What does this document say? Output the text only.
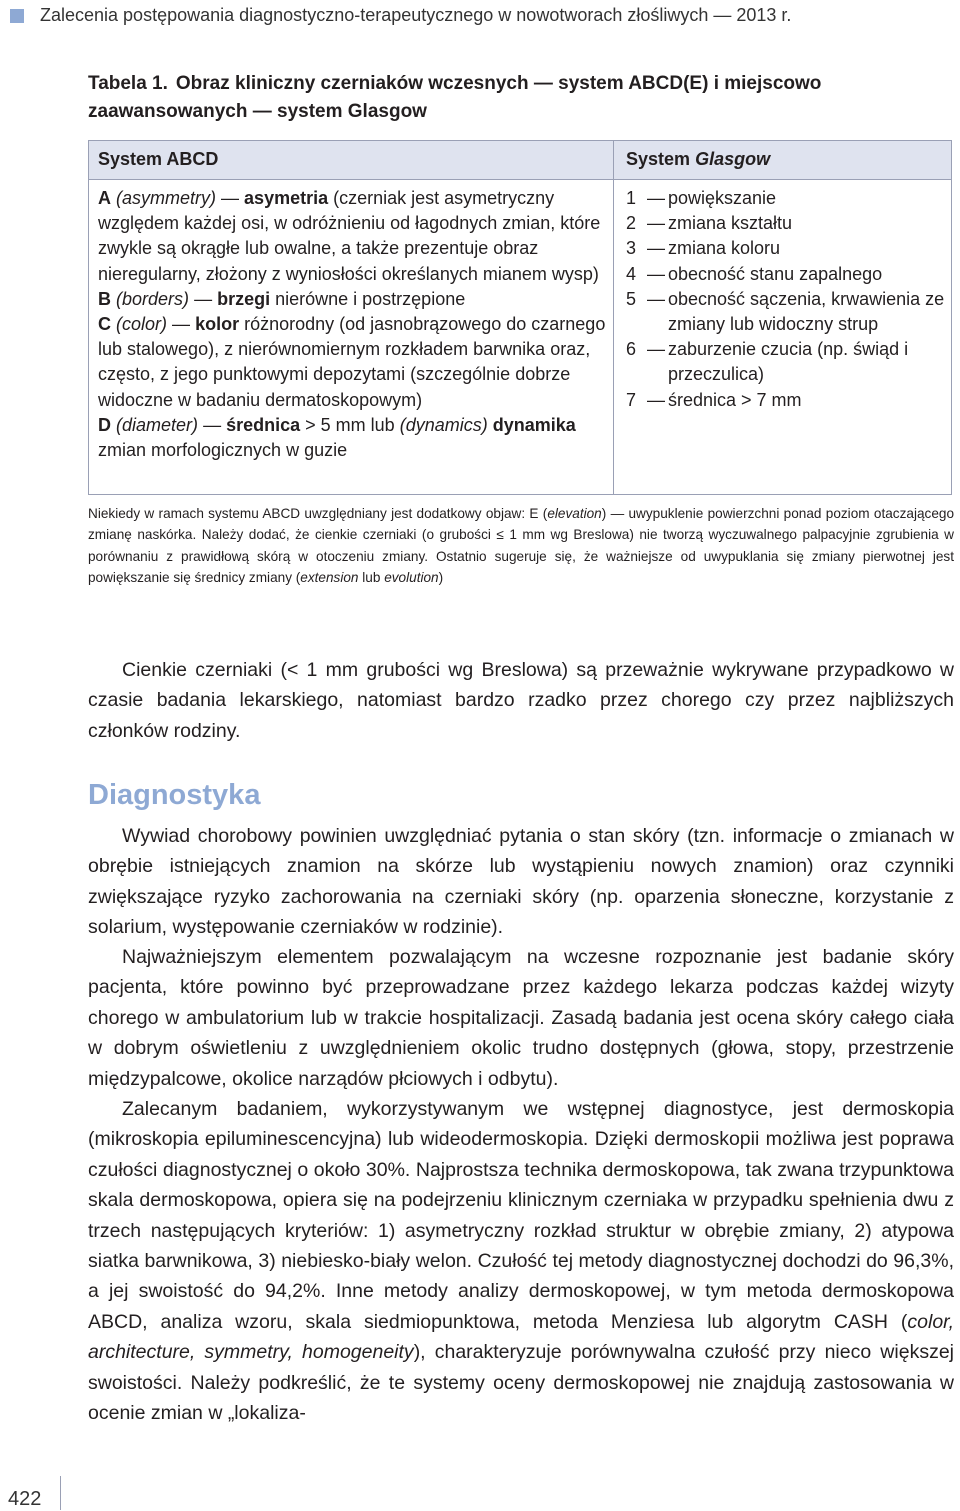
Zalecenia postępowania diagnostyczno-terapeutycznego w nowotworach złośliwych — 2013 r.
Tabela 1. Obraz kliniczny czerniaków wczesnych — system ABCD(E) i miejscowo zaawansowanych — system Glasgow
System ABCD	System Glasgow
A (asymmetry) — asymetria (czerniak jest asymetryczny względem każdej osi, w odróżnieniu od łagodnych zmian, które zwykle są okrągłe lub owalne, a także prezentuje obraz nieregularny, złożony z wyniosłości określanych mianem wysp)
B (borders) — brzegi nierówne i postrzępione
C (color) — kolor różnorodny (od jasnobrązowego do czarnego lub stalowego), z nierównomiernym rozkładem barwnika oraz, często, z jego punktowymi depozytami (szczególnie dobrze widoczne w badaniu dermatoskopowym)
D (diameter) — średnica > 5 mm lub (dynamics) dynamika zmian morfologicznych w guzie
1 — powiększanie
2 — zmiana kształtu
3 — zmiana koloru
4 — obecność stanu zapalnego
5 — obecność sączenia, krwawienia ze zmiany lub widoczny strup
6 — zaburzenie czucia (np. świąd i przeczulica)
7 — średnica > 7 mm
Niekiedy w ramach systemu ABCD uwzględniany jest dodatkowy objaw: E (elevation) — uwypuklenie powierzchni ponad poziom otaczającego zmianę naskórka. Należy dodać, że cienkie czerniaki (o grubości ≤ 1 mm wg Breslowa) nie tworzą wyczuwalnego palpacyjnie zgrubienia w porównaniu z prawidłową skórą w otoczeniu zmiany. Ostatnio sugeruje się, że ważniejsze od uwypuklania się zmiany pierwotnej jest powiększanie się średnicy zmiany (extension lub evolution)
Cienkie czerniaki (< 1 mm grubości wg Breslowa) są przeważnie wykrywane przypadkowo w czasie badania lekarskiego, natomiast bardzo rzadko przez chorego czy przez najbliższych członków rodziny.
Diagnostyka
Wywiad chorobowy powinien uwzględniać pytania o stan skóry (tzn. informacje o zmianach w obrębie istniejących znamion na skórze lub wystąpieniu nowych znamion) oraz czynniki zwiększające ryzyko zachorowania na czerniaki skóry (np. oparzenia słoneczne, korzystanie z solarium, występowanie czerniaków w rodzinie).
Najważniejszym elementem pozwalającym na wczesne rozpoznanie jest badanie skóry pacjenta, które powinno być przeprowadzane przez każdego lekarza podczas każdej wizyty chorego w ambulatorium lub w trakcie hospitalizacji. Zasadą badania jest ocena skóry całego ciała w dobrym oświetleniu z uwzględnieniem okolic trudno dostępnych (głowa, stopy, przestrzenie międzypalcowe, okolice narządów płciowych i odbytu).
Zalecanym badaniem, wykorzystywanym we wstępnej diagnostyce, jest dermoskopia (mikroskopia epiluminescencyjna) lub wideodermoskopia. Dzięki dermoskopii możliwa jest poprawa czułości diagnostycznej o około 30%. Najprostsza technika dermoskopowa, tak zwana trzypunktowa skala dermoskopowa, opiera się na podejrzeniu klinicznym czerniaka w przypadku spełnienia dwu z trzech następujących kryteriów: 1) asymetryczny rozkład struktur w obrębie zmiany, 2) atypowa siatka barwnikowa, 3) niebiesko-biały welon. Czułość tej metody diagnostycznej dochodzi do 96,3%, a jej swoistość do 94,2%. Inne metody analizy dermoskopowej, w tym metoda dermoskopowa ABCD, analiza wzoru, skala siedmiopunktowa, metoda Menziesa lub algorytm CASH (color, architecture, symmetry, homogeneity), charakteryzuje porównywalna czułość przy nieco większej swoistości. Należy podkreślić, że te systemy oceny dermoskopowej nie znajdują zastosowania w ocenie zmian w „lokaliza-
422
